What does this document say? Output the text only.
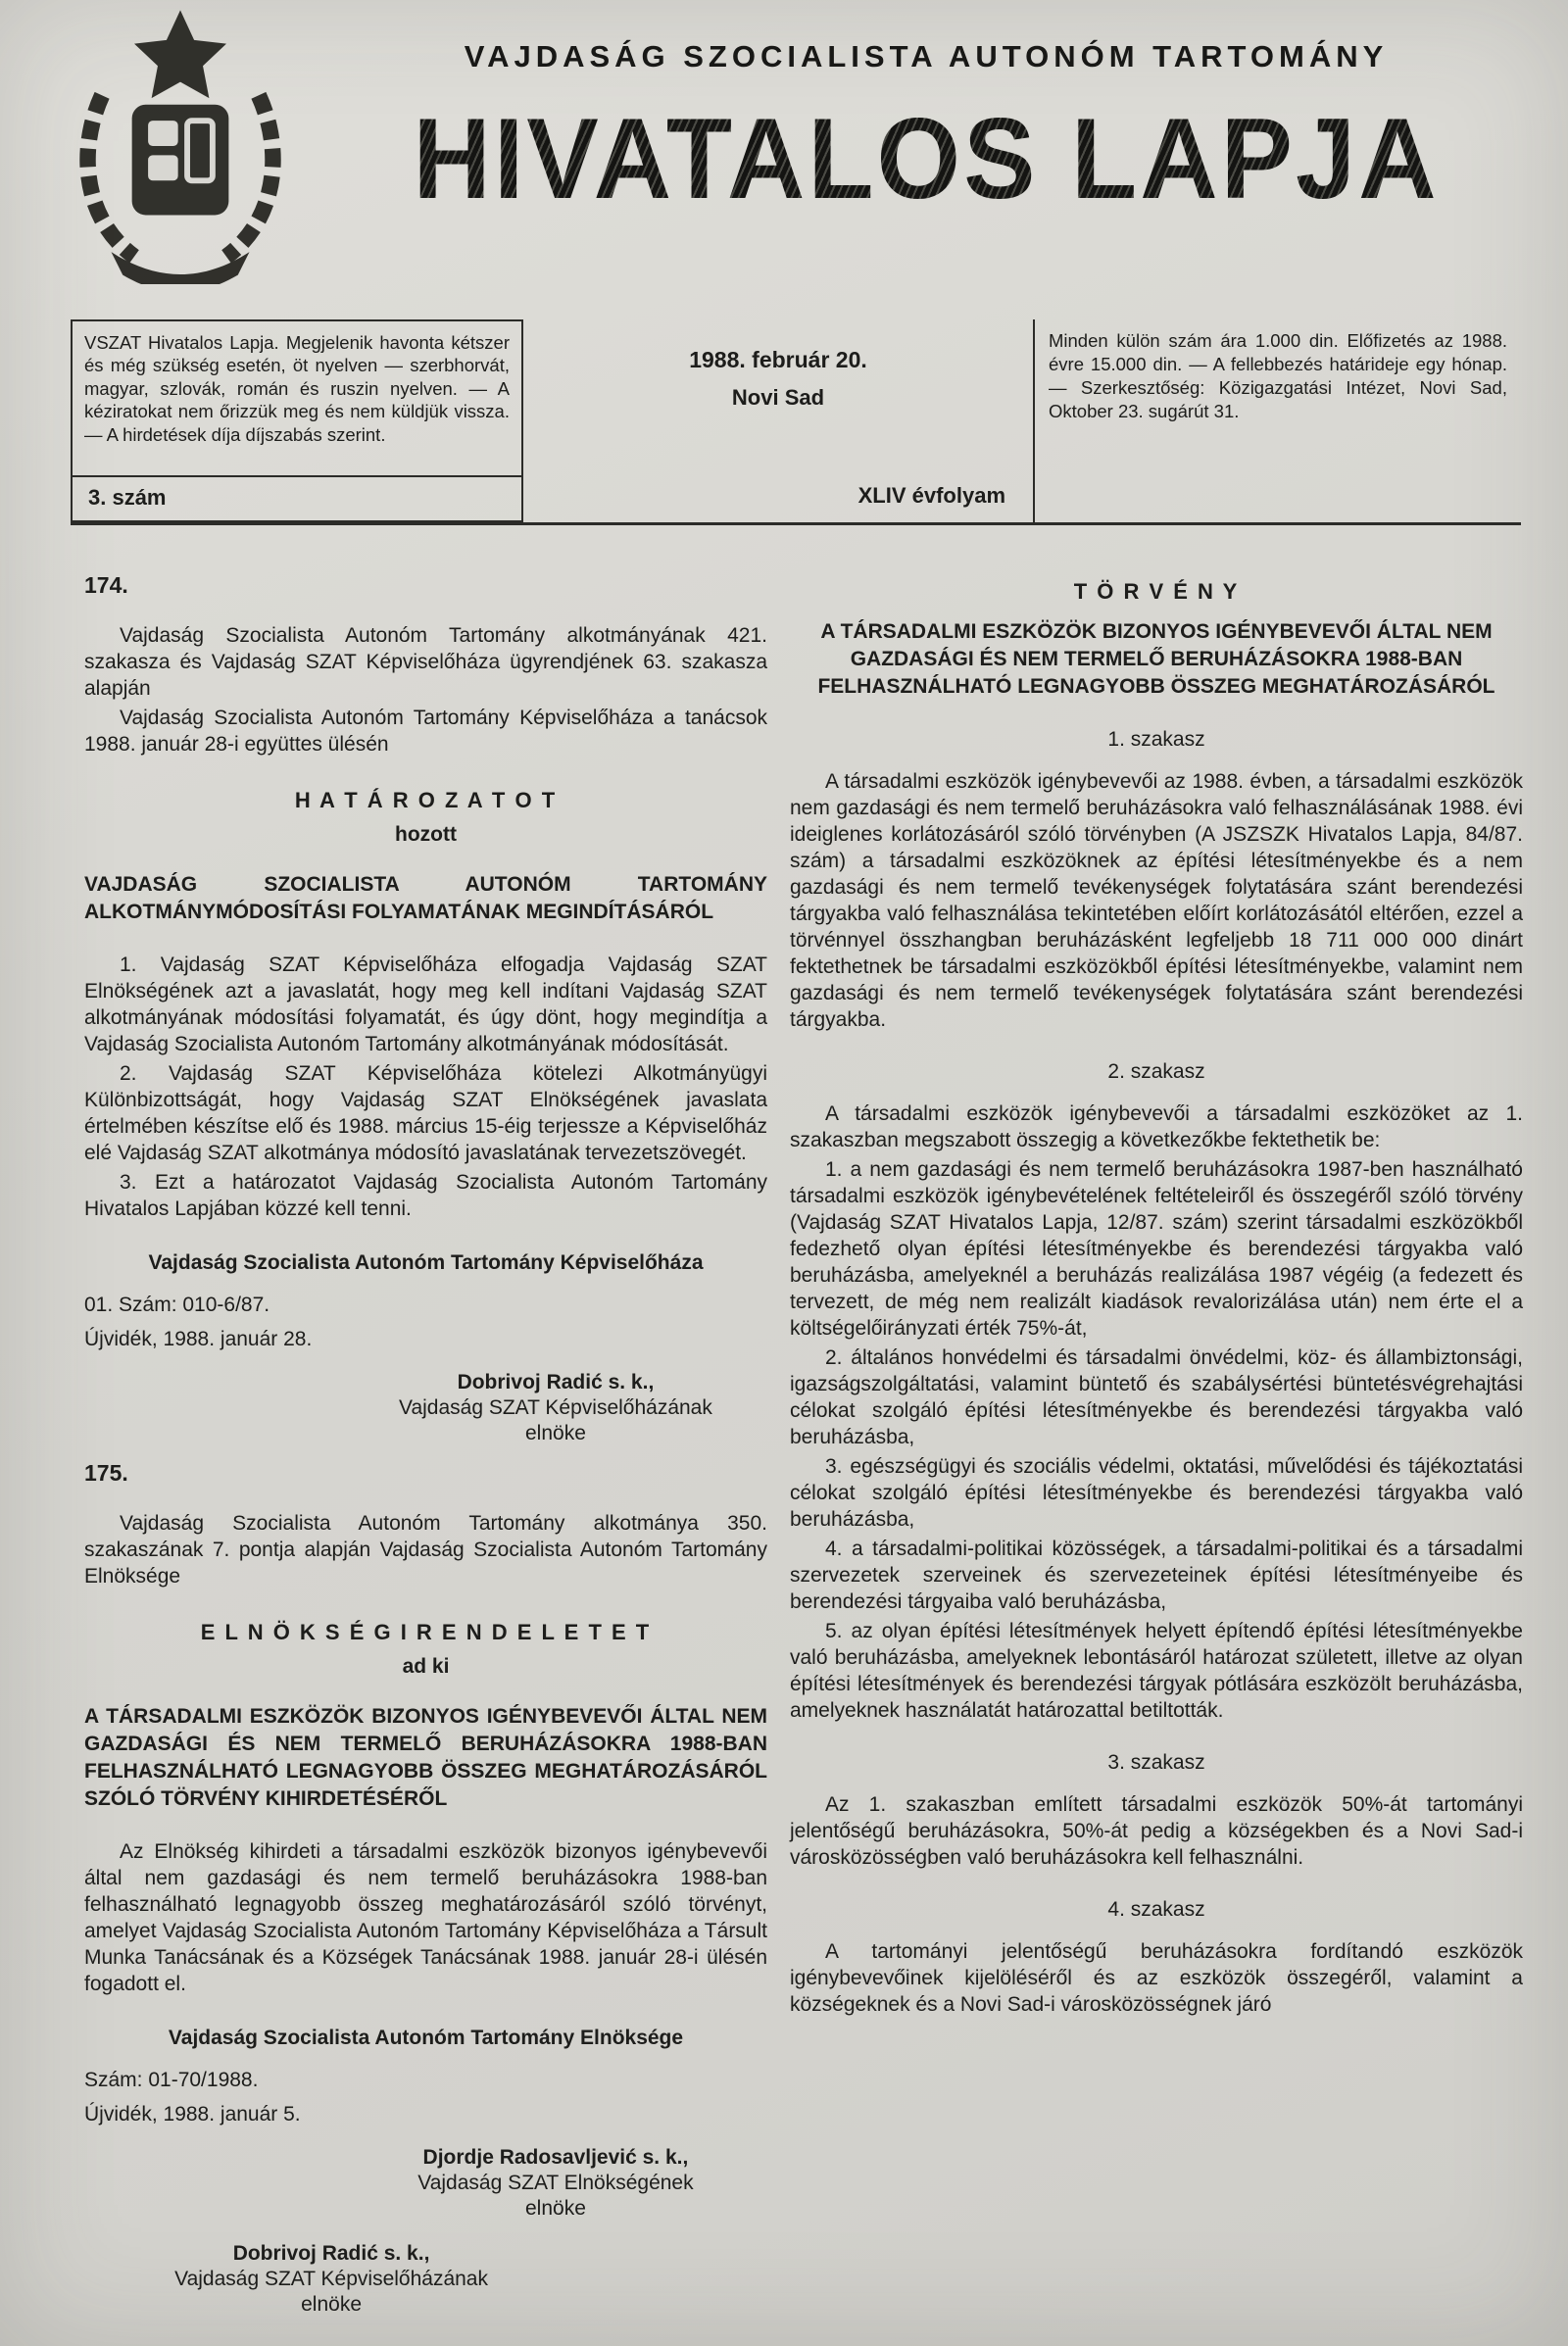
VAJDASÁG SZOCIALISTA AUTONÓM TARTOMÁNY
HIVATALOS LAPJA

VSZAT Hivatalos Lapja. Megjelenik havonta kétszer és még szükség esetén, öt nyelven — szerbhorvát, magyar, szlovák, román és ruszin nyelven. — A kéziratokat nem őrizzük meg és nem küldjük vissza. — A hirdetések díja díjszabás szerint.

3. szám
1988. február 20.
Novi Sad
XLIV évfolyam
Minden külön szám ára 1.000 din. Előfizetés az 1988. évre 15.000 din. — A fellebbezés határideje egy hónap. — Szerkesztőség: Közigazgatási Intézet, Novi Sad, Oktober 23. sugárút 31.
174.

Vajdaság Szocialista Autonóm Tartomány alkotmányának 421. szakasza és Vajdaság SZAT Képviselőháza ügyrendjének 63. szakasza alapján

Vajdaság Szocialista Autonóm Tartomány Képviselőháza a tanácsok 1988. január 28-i együttes ülésén

H A T Á R O Z A T O T
hozott
VAJDASÁG SZOCIALISTA AUTONÓM TARTOMÁNY ALKOTMÁNYMÓDOSÍTÁSI FOLYAMATÁNAK MEGINDÍTÁSÁRÓL

1. Vajdaság SZAT Képviselőháza elfogadja Vajdaság SZAT Elnökségének azt a javaslatát, hogy meg kell indítani Vajdaság SZAT alkotmányának módosítási folyamatát, és úgy dönt, hogy megindítja a Vajdaság Szocialista Autonóm Tartomány alkotmányának módosítását.

2. Vajdaság SZAT Képviselőháza kötelezi Alkotmányügyi Különbizottságát, hogy Vajdaság SZAT Elnökségének javaslata értelmében készítse elő és 1988. március 15-éig terjessze a Képviselőház elé Vajdaság SZAT alkotmánya módosító javaslatának tervezetszövegét.

3. Ezt a határozatot Vajdaság Szocialista Autonóm Tartomány Hivatalos Lapjában közzé kell tenni.

Vajdaság Szocialista Autonóm Tartomány Képviselőháza

01. Szám: 010-6/87.

Újvidék, 1988. január 28.

Dobrivoj Radić s. k.,
Vajdaság SZAT Képviselőházának
elnöke
175.

Vajdaság Szocialista Autonóm Tartomány alkotmánya 350. szakaszának 7. pontja alapján Vajdaság Szocialista Autonóm Tartomány Elnöksége

E L N Ö K S É G I R E N D E L E T E T
ad ki
A TÁRSADALMI ESZKÖZÖK BIZONYOS IGÉNYBEVEVŐI ÁLTAL NEM GAZDASÁGI ÉS NEM TERMELŐ BERUHÁZÁSOKRA 1988-BAN FELHASZNÁLHATÓ LEGNAGYOBB ÖSSZEG MEGHATÁROZÁSÁRÓL SZÓLÓ TÖRVÉNY KIHIRDETÉSÉRŐL

Az Elnökség kihirdeti a társadalmi eszközök bizonyos igénybevevői által nem gazdasági és nem termelő beruházásokra 1988-ban felhasználható legnagyobb összeg meghatározásáról szóló törvényt, amelyet Vajdaság Szocialista Autonóm Tartomány Képviselőháza a Társult Munka Tanácsának és a Községek Tanácsának 1988. január 28-i ülésén fogadott el.

Vajdaság Szocialista Autonóm Tartomány Elnöksége

Szám: 01-70/1988.

Újvidék, 1988. január 5.

Djordje Radosavljević s. k.,
Vajdaság SZAT Elnökségének
elnöke
Dobrivoj Radić s. k.,
Vajdaság SZAT Képviselőházának
elnöke
T Ö R V É N Y
A TÁRSADALMI ESZKÖZÖK BIZONYOS IGÉNYBEVEVŐI ÁLTAL NEM GAZDASÁGI ÉS NEM TERMELŐ BERUHÁZÁSOKRA 1988-BAN FELHASZNÁLHATÓ LEGNAGYOBB ÖSSZEG MEGHATÁROZÁSÁRÓL
1. szakasz

A társadalmi eszközök igénybevevői az 1988. évben, a társadalmi eszközök nem gazdasági és nem termelő beruházásokra való felhasználásának 1988. évi ideiglenes korlátozásáról szóló törvényben (A JSZSZK Hivatalos Lapja, 84/87. szám) a társadalmi eszközöknek az építési létesítményekbe és a nem gazdasági és nem termelő tevékenységek folytatására szánt berendezési tárgyakba való felhasználása tekintetében előírt korlátozásától eltérően, ezzel a törvénnyel összhangban beruházásként legfeljebb 18 711 000 000 dinárt fektethetnek be társadalmi eszközökből építési létesítményekbe, valamint nem gazdasági és nem termelő tevékenységek folytatására szánt berendezési tárgyakba.

2. szakasz

A társadalmi eszközök igénybevevői a társadalmi eszközöket az 1. szakaszban megszabott összegig a következőkbe fektethetik be:

1. a nem gazdasági és nem termelő beruházásokra 1987-ben használható társadalmi eszközök igénybevételének feltételeiről és összegéről szóló törvény (Vajdaság SZAT Hivatalos Lapja, 12/87. szám) szerint társadalmi eszközökből fedezhető olyan építési létesítményekbe és berendezési tárgyakba való beruházásba, amelyeknél a beruházás realizálása 1987 végéig (a fedezett és tervezett, de még nem realizált kiadások revalorizálása után) nem érte el a költségelőirányzati érték 75%-át,

2. általános honvédelmi és társadalmi önvédelmi, köz- és állambiztonsági, igazságszolgáltatási, valamint büntető és szabálysértési büntetésvégrehajtási célokat szolgáló építési létesítményekbe és berendezési tárgyakba való beruházásba,

3. egészségügyi és szociális védelmi, oktatási, művelődési és tájékoztatási célokat szolgáló építési létesítményekbe és berendezési tárgyakba való beruházásba,

4. a társadalmi-politikai közösségek, a társadalmi-politikai és a társadalmi szervezetek szerveinek és szervezeteinek építési létesítményeibe és berendezési tárgyaiba való beruházásba,

5. az olyan építési létesítmények helyett építendő építési létesítményekbe való beruházásba, amelyeknek lebontásáról határozat született, illetve az olyan építési létesítmények és berendezési tárgyak pótlására eszközölt beruházásba, amelyeknek használatát határozattal betiltották.

3. szakasz

Az 1. szakaszban említett társadalmi eszközök 50%-át tartományi jelentőségű beruházásokra, 50%-át pedig a községekben és a Novi Sad-i városközösségben való beruházásokra kell felhasználni.

4. szakasz

A tartományi jelentőségű beruházásokra fordítandó eszközök igénybevevőinek kijelöléséről és az eszközök összegéről, valamint a községeknek és a Novi Sad-i városközösségnek járó
